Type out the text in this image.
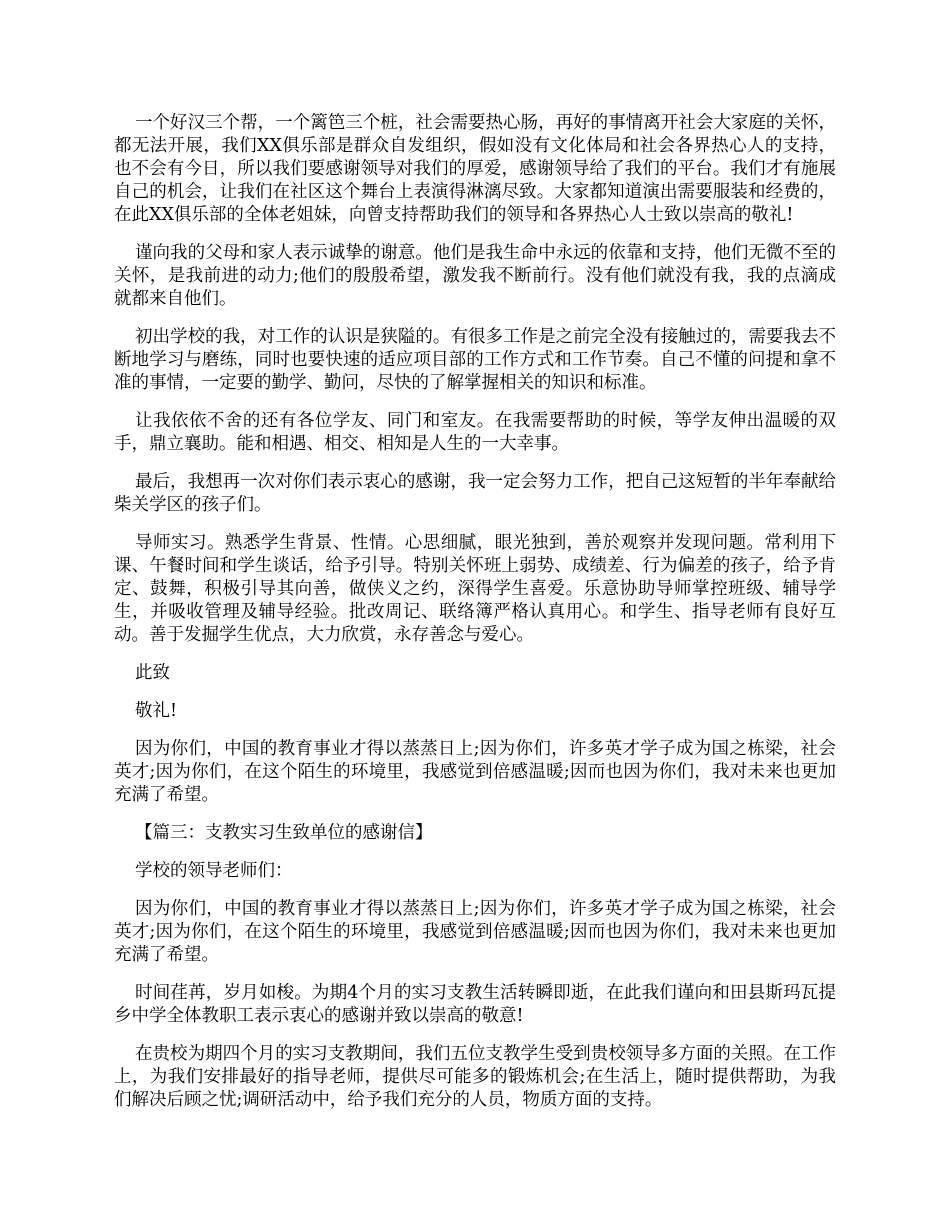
一个好汉三个帮，一个篱笆三个桩，社会需要热心肠，再好的事情离开社会大家庭的关怀，都无法开展，我们XX俱乐部是群众自发组织，假如没有文化体局和社会各界热心人的支持，也不会有今日，所以我们要感谢领导对我们的厚爱，感谢领导给了我们的平台。我们才有施展自己的机会，让我们在社区这个舞台上表演得淋漓尽致。大家都知道演出需要服装和经费的，在此XX俱乐部的全体老姐妹，向曾支持帮助我们的领导和各界热心人士致以崇高的敬礼!

谨向我的父母和家人表示诚挚的谢意。他们是我生命中永远的依靠和支持，他们无微不至的关怀，是我前进的动力;他们的殷殷希望，激发我不断前行。没有他们就没有我，我的点滴成就都来自他们。

初出学校的我，对工作的认识是狭隘的。有很多工作是之前完全没有接触过的，需要我去不断地学习与磨练，同时也要快速的适应项目部的工作方式和工作节奏。自己不懂的问提和拿不准的事情，一定要的勤学、勤问，尽快的了解掌握相关的知识和标准。

让我依依不舍的还有各位学友、同门和室友。在我需要帮助的时候，等学友伸出温暖的双手，鼎立襄助。能和相遇、相交、相知是人生的一大幸事。

最后，我想再一次对你们表示衷心的感谢，我一定会努力工作，把自己这短暂的半年奉献给柴关学区的孩子们。

导师实习。熟悉学生背景、性情。心思细腻，眼光独到，善於观察并发现问题。常利用下课、午餐时间和学生谈话，给予引导。特别关怀班上弱势、成绩差、行为偏差的孩子，给予肯定、鼓舞，积极引导其向善，做侠义之约，深得学生喜爱。乐意协助导师掌控班级、辅导学生，并吸收管理及辅导经验。批改周记、联络簿严格认真用心。和学生、指导老师有良好互动。善于发掘学生优点，大力欣赏，永存善念与爱心。

此致

敬礼!

因为你们，中国的教育事业才得以蒸蒸日上;因为你们，许多英才学子成为国之栋梁，社会英才;因为你们，在这个陌生的环境里，我感觉到倍感温暖;因而也因为你们，我对未来也更加充满了希望。

【篇三：支教实习生致单位的感谢信】

学校的领导老师们：

因为你们，中国的教育事业才得以蒸蒸日上;因为你们，许多英才学子成为国之栋梁，社会英才;因为你们，在这个陌生的环境里，我感觉到倍感温暖;因而也因为你们，我对未来也更加充满了希望。

时间荏苒，岁月如梭。为期4个月的实习支教生活转瞬即逝，在此我们谨向和田县斯玛瓦提乡中学全体教职工表示衷心的感谢并致以崇高的敬意!

在贵校为期四个月的实习支教期间，我们五位支教学生受到贵校领导多方面的关照。在工作上，为我们安排最好的指导老师，提供尽可能多的锻炼机会;在生活上，随时提供帮助，为我们解决后顾之忧;调研活动中，给予我们充分的人员，物质方面的支持。
